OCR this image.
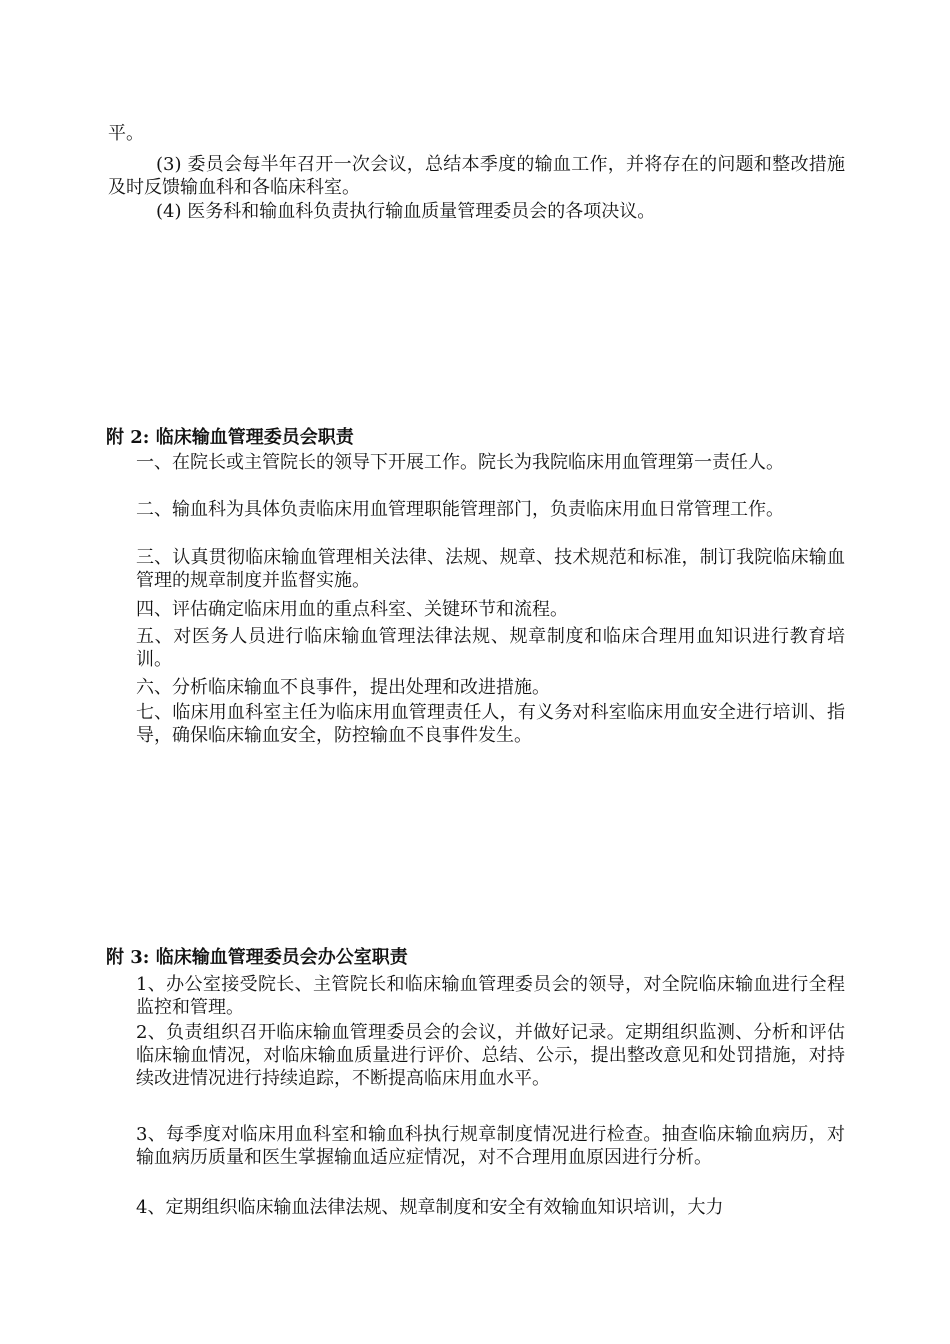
平。

(3) 委员会每半年召开一次会议，总结本季度的输血工作，并将存在的问题和整改措施及时反馈输血科和各临床科室。

(4) 医务科和输血科负责执行输血质量管理委员会的各项决议。

附 2: 临床输血管理委员会职责

一、在院长或主管院长的领导下开展工作。院长为我院临床用血管理第一责任人。

二、输血科为具体负责临床用血管理职能管理部门，负责临床用血日常管理工作。

三、认真贯彻临床输血管理相关法律、法规、规章、技术规范和标准，制订我院临床输血管理的规章制度并监督实施。

四、评估确定临床用血的重点科室、关键环节和流程。

五、对医务人员进行临床输血管理法律法规、规章制度和临床合理用血知识进行教育培训。

六、分析临床输血不良事件，提出处理和改进措施。

七、临床用血科室主任为临床用血管理责任人，有义务对科室临床用血安全进行培训、指导，确保临床输血安全，防控输血不良事件发生。

附 3: 临床输血管理委员会办公室职责

1、办公室接受院长、主管院长和临床输血管理委员会的领导，对全院临床输血进行全程监控和管理。

2、负责组织召开临床输血管理委员会的会议，并做好记录。定期组织监测、分析和评估临床输血情况，对临床输血质量进行评价、总结、公示，提出整改意见和处罚措施，对持续改进情况进行持续追踪，不断提高临床用血水平。

3、每季度对临床用血科室和输血科执行规章制度情况进行检查。抽查临床输血病历，对输血病历质量和医生掌握输血适应症情况，对不合理用血原因进行分析。

4、定期组织临床输血法律法规、规章制度和安全有效输血知识培训，大力
